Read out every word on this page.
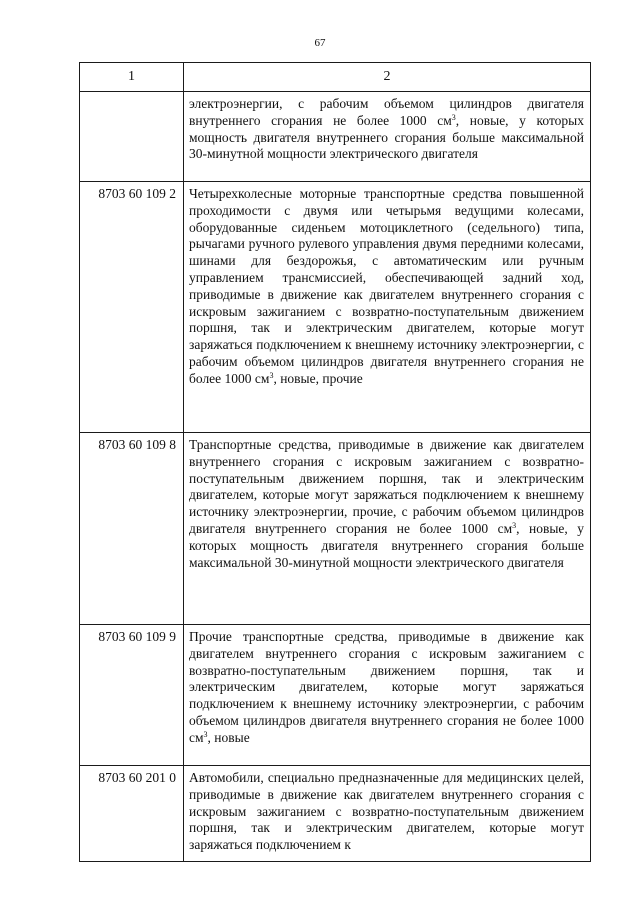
67
1	2
	электроэнергии, с рабочим объемом цилиндров двигателя внутреннего сгорания не более 1000 $см^3$, новые, у которых мощность двигателя внутреннего сгорания больше максимальной 30-минутной мощности электрического двигателя
8703 60 109 2	Четырехколесные моторные транспортные средства повышенной проходимости с двумя или четырьмя ведущими колесами, оборудованные сиденьем мотоциклетного (седельного) типа, рычагами ручного рулевого управления двумя передними колесами, шинами для бездорожья, с автоматическим или ручным управлением трансмиссией, обеспечивающей задний ход, приводимые в движение как двигателем внутреннего сгорания с искровым зажиганием с возвратно-поступательным движением поршня, так и электрическим двигателем, которые могут заряжаться подключением к внешнему источнику электроэнергии, с рабочим объемом цилиндров двигателя внутреннего сгорания не более 1000 $см^3$, новые, прочие
8703 60 109 8	Транспортные средства, приводимые в движение как двигателем внутреннего сгорания с искровым зажиганием с возвратно-поступательным движением поршня, так и электрическим двигателем, которые могут заряжаться подключением к внешнему источнику электроэнергии, прочие, с рабочим объемом цилиндров двигателя внутреннего сгорания не более 1000 $см^3$, новые, у которых мощность двигателя внутреннего сгорания больше максимальной 30-минутной мощности электрического двигателя
8703 60 109 9	Прочие транспортные средства, приводимые в движение как двигателем внутреннего сгорания с искровым зажиганием с возвратно-поступательным движением поршня, так и электрическим двигателем, которые могут заряжаться подключением к внешнему источнику электроэнергии, с рабочим объемом цилиндров двигателя внутреннего сгорания не более 1000 $см^3$, новые
8703 60 201 0	Автомобили, специально предназначенные для медицинских целей, приводимые в движение как двигателем внутреннего сгорания с искровым зажиганием с возвратно-поступательным движением поршня, так и электрическим двигателем, которые могут заряжаться подключением к
